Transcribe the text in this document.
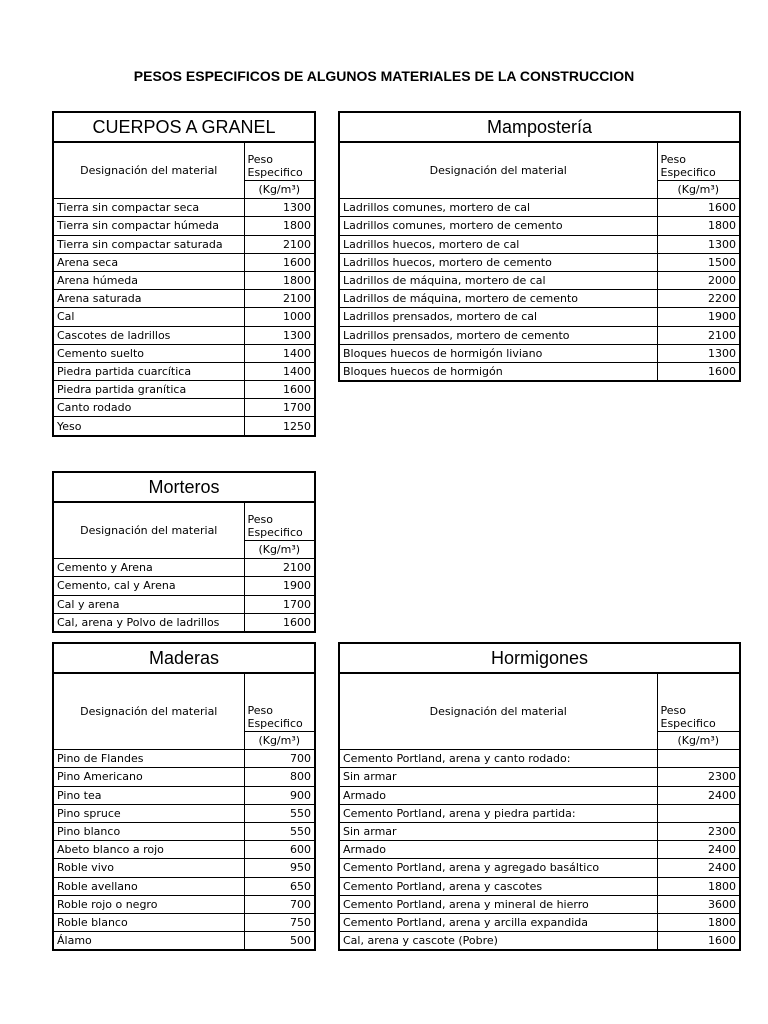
PESOS ESPECIFICOS DE ALGUNOS MATERIALES DE LA CONSTRUCCION
CUERPOS A GRANEL	
Designación del material	Peso
Especifico

	(Kg/m³)
Tierra sin compactar seca	1300
Tierra sin compactar húmeda	1800
Tierra sin compactar saturada	2100
Arena seca	1600
Arena húmeda	1800
Arena saturada	2100
Cal	1000
Cascotes de ladrillos	1300
Cemento suelto	1400
Piedra partida cuarcítica	1400
Piedra partida granítica	1600
Canto rodado	1700
Yeso	1250
Mampostería	
Designación del material	Peso
Especifico

	(Kg/m³)
Ladrillos comunes, mortero de cal	1600
Ladrillos comunes, mortero de cemento	1800
Ladrillos huecos, mortero de cal	1300
Ladrillos huecos, mortero de cemento	1500
Ladrillos de máquina, mortero de cal	2000
Ladrillos de máquina, mortero de cemento	2200
Ladrillos prensados, mortero de cal	1900
Ladrillos prensados, mortero de cemento	2100
Bloques huecos de hormigón liviano	1300
Bloques huecos de hormigón	1600
Morteros	
Designación del material	Peso
Especifico

	(Kg/m³)
Cemento y Arena	2100
Cemento, cal y Arena	1900
Cal y arena	1700
Cal, arena y Polvo de ladrillos	1600
Maderas	
Designación del material	Peso
Especifico

	(Kg/m³)
Pino de Flandes	700
Pino Americano	800
Pino tea	900
Pino spruce	550
Pino blanco	550
Abeto blanco a rojo	600
Roble vivo	950
Roble avellano	650
Roble rojo o negro	700
Roble blanco	750
Álamo	500
Hormigones	
Designación del material	Peso
Especifico

	(Kg/m³)
Cemento Portland, arena y canto rodado:	
Sin armar	2300
Armado	2400
Cemento Portland, arena y piedra partida:	
Sin armar	2300
Armado	2400
Cemento Portland, arena y agregado basáltico	2400
Cemento Portland, arena y cascotes	1800
Cemento Portland, arena y mineral de hierro	3600
Cemento Portland, arena y arcilla expandida	1800
Cal, arena y cascote (Pobre)	1600
